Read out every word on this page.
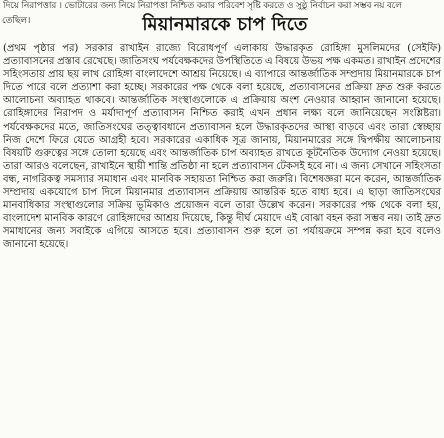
দিয়ে নিরাপত্তার । ভোটারের জন্য নিয়ে নিরাপত্তা নিশ্চিত করার পরিবেশ সৃষ্টি করতে ও সুষ্ঠু নির্বাচন করা সম্ভব নয় বলে
তেছিল।	মিয়ানমারকে চাপ দিতে

(প্রথম পৃষ্ঠার পর) সরকার রাখাইন রাজ্যে বিরোধপূর্ণ এলাকায় উদ্ধারকৃত রোহিঙ্গা মুসলিমদের (সেইফি) প্রত্যাবাসনের প্রস্তাব রেখেছে। জাতিসংঘ পর্যবেক্ষকদের উপস্থিতিতে এ বিষয়ে উভয় পক্ষ একমত। রাখাইন প্রদেশের সহিংসতায় প্রায় ছয় লাখ রোহিঙ্গা বাংলাদেশে আশ্রয় নিয়েছে। এ ব্যাপারে আন্তর্জাতিক সম্প্রদায় মিয়ানমারকে চাপ দিতে পারে বলে প্রত্যাশা করা হচ্ছে। সরকারের পক্ষ থেকে বলা হয়েছে, প্রত্যাবাসনের প্রক্রিয়া দ্রুত শুরু করতে আলোচনা অব্যাহত থাকবে। আন্তর্জাতিক সংস্থাগুলোকে এ প্রক্রিয়ায় অংশ নেওয়ার আহ্বান জানানো হয়েছে। রোহিঙ্গাদের নিরাপদ ও মর্যাদাপূর্ণ প্রত্যাবাসন নিশ্চিত করাই এখন প্রধান লক্ষ্য বলে জানিয়েছেন সংশ্লিষ্টরা। পর্যবেক্ষকদের মতে, জাতিসংঘের তত্ত্বাবধানে প্রত্যাবাসন হলে উদ্ধারকৃতদের আস্থা বাড়বে এবং তারা স্বেচ্ছায় নিজ দেশে ফিরে যেতে আগ্রহী হবে। সরকারের একাধিক সূত্র জানায়, মিয়ানমারের সঙ্গে দ্বিপক্ষীয় আলোচনায় বিষয়টি গুরুত্বের সঙ্গে তোলা হয়েছে এবং আন্তর্জাতিক চাপ অব্যাহত রাখতে কূটনৈতিক উদ্যোগ নেওয়া হয়েছে। তারা আরও বলেছেন, রাখাইনে স্থায়ী শান্তি প্রতিষ্ঠা না হলে প্রত্যাবাসন টেকসই হবে না। এ জন্য সেখানে সহিংসতা বন্ধ, নাগরিকত্ব সমস্যার সমাধান এবং মানবিক সহায়তা নিশ্চিত করা জরুরি। বিশেষজ্ঞরা মনে করেন, আন্তর্জাতিক সম্প্রদায় একযোগে চাপ দিলে মিয়ানমার প্রত্যাবাসন প্রক্রিয়ায় আন্তরিক হতে বাধ্য হবে। এ ছাড়া জাতিসংঘের মানবাধিকার সংস্থাগুলোর সক্রিয় ভূমিকাও প্রয়োজন বলে তারা উল্লেখ করেন। সরকারের পক্ষ থেকে বলা হয়, বাংলাদেশ মানবিক কারণে রোহিঙ্গাদের আশ্রয় দিয়েছে, কিন্তু দীর্ঘ মেয়াদে এই বোঝা বহন করা সম্ভব নয়। তাই দ্রুত সমাধানের জন্য সবাইকে এগিয়ে আসতে হবে। প্রত্যাবাসন শুরু হলে তা পর্যায়ক্রমে সম্পন্ন করা হবে বলেও জানানো হয়েছে।
